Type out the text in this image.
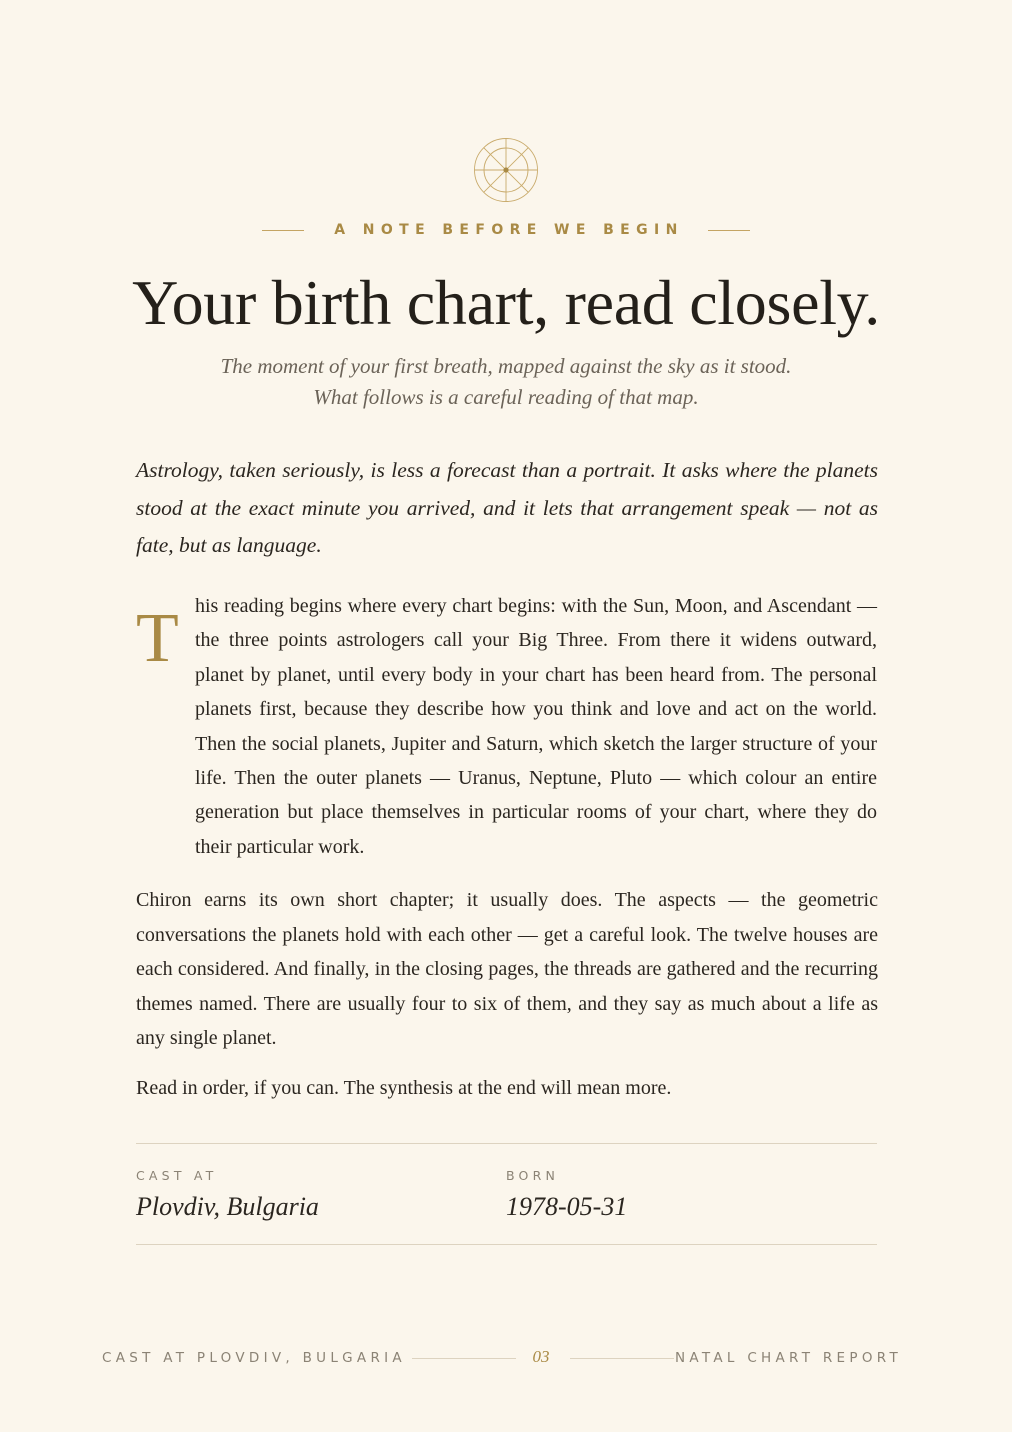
A NOTE BEFORE WE BEGIN
Your birth chart, read closely.

The moment of your first breath, mapped against the sky as it stood. What follows is a careful reading of that map.

Astrology, taken seriously, is less a forecast than a portrait. It asks where the planets stood at the exact minute you arrived, and it lets that arrangement speak — not as fate, but as language.

T his reading begins where every chart begins: with the Sun, Moon, and Ascendant — the three points astrologers call your Big Three. From there it widens outward, planet by planet, until every body in your chart has been heard from. The personal planets first, because they describe how you think and love and act on the world. Then the social planets, Jupiter and Saturn, which sketch the larger structure of your life. Then the outer planets — Uranus, Neptune, Pluto — which colour an entire generation but place themselves in particular rooms of your chart, where they do their particular work.

Chiron earns its own short chapter; it usually does. The aspects — the geometric conversations the planets hold with each other — get a careful look. The twelve houses are each considered. And finally, in the closing pages, the threads are gathered and the recurring themes named. There are usually four to six of them, and they say as much about a life as any single planet.

Read in order, if you can. The synthesis at the end will mean more.

CAST AT
Plovdiv, Bulgaria
BORN
1978-05-31
CAST AT PLOVDIV, BULGARIA	03	NATAL CHART REPORT
